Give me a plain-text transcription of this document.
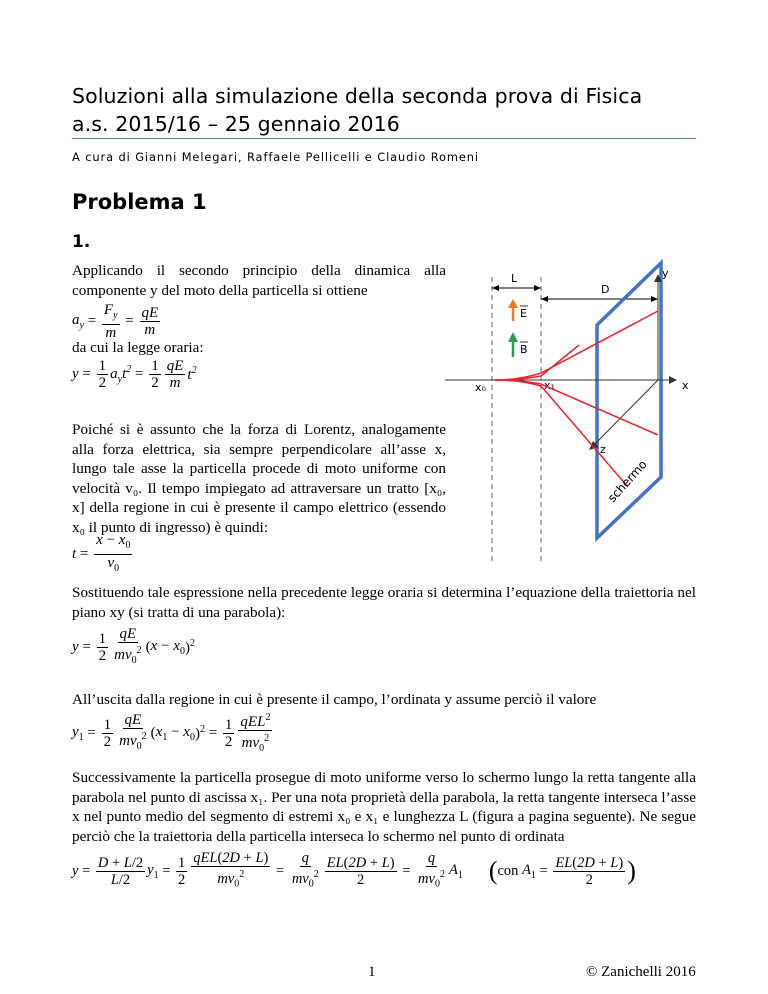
Soluzioni alla simulazione della seconda prova di Fisica
a.s. 2015/16 – 25 gennaio 2016
A cura di Gianni Melegari, Raffaele Pellicelli e Claudio Romeni
Problema 1
1.
Applicando il secondo principio della dinamica alla componente y del moto della particella si ottiene
$a_y = \frac{F_y}{m} = \frac{qE}{m}$
da cui la legge oraria:
$y = \frac{1}{2} a_yt^2 = \frac{1}{2} \frac{qE}{m} t^2$
Poiché si è assunto che la forza di Lorentz, analogamente alla forza elettrica, sia sempre perpendicolare all’asse x, lungo tale asse la particella procede di moto uniforme con velocità v₀. Il tempo impiegato ad attraversare un tratto [x₀, x] della regione in cui è presente il campo elettrico (essendo x₀ il punto di ingresso) è quindi:
$t = \frac{x - x_0}{v_0}$
Sostituendo tale espressione nella precedente legge oraria si determina l’equazione della traiettoria nel piano xy (si tratta di una parabola):
$y = \frac{1}{2} \frac{qE}{mv_0^2}$ ( $x - x_0$ )$^2$
All’uscita dalla regione in cui è presente il campo, l’ordinata y assume perciò il valore
$y_1 = \frac{1}{2} \frac{qE}{mv_0^2}$ ( $x_1 - x_0$ )$^2 = \frac{1}{2} \frac{qEL^2}{mv_0^2}$
Successivamente la particella prosegue di moto uniforme verso lo schermo lungo la retta tangente alla parabola nel punto di ascissa x₁. Per una nota proprietà della parabola, la retta tangente interseca l’asse x nel punto medio del segmento di estremi x₀ e x₁ e lunghezza L (figura a pagina seguente). Ne segue perciò che la traiettoria della particella interseca lo schermo nel punto di ordinata
$y = \frac{D + L/2}{L/2} y_1 = \frac{1}{2} \frac{\text{qEL(2D + L)}}{mv_0^2} = \frac{q}{mv_0^2} \frac{EL(2D + L)}{2} = \frac{q}{mv_0^2} A_1$ ( con $A_1 = \frac{EL(2D + L)}{2}$ )
L
D
E
B
x
y
z
x₀	x₁
schermo
1	© Zanichelli 2016
